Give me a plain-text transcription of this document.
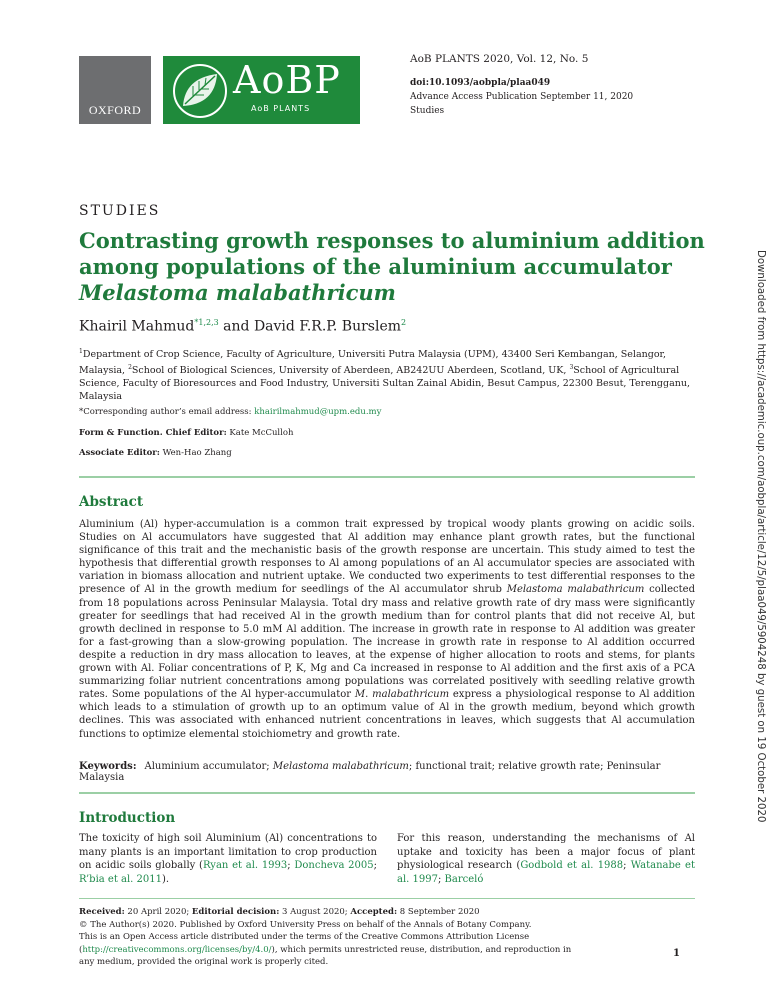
OXFORD
AoBP
AoB PLANTS
AoB PLANTS 2020, Vol. 12, No. 5
doi:10.1093/aobpla/plaa049
Advance Access Publication September 11, 2020
Studies
Downloaded from https://academic.oup.com/aobpla/article/12/5/plaa049/5904248 by guest on 19 October 2020
STUDIES
Contrasting growth responses to aluminium addition
among populations of the aluminium accumulator
Melastoma malabathricum
Khairil Mahmud$^{*1,2,3}$ and David F.R.P. Burslem$^2$
$^1$Department of Crop Science, Faculty of Agriculture, Universiti Putra Malaysia (UPM), 43400 Seri Kembangan, Selangor, Malaysia, $^2$School of Biological Sciences, University of Aberdeen, AB242UU Aberdeen, Scotland, UK, $^3$School of Agricultural Science, Faculty of Bioresources and Food Industry, Universiti Sultan Zainal Abidin, Besut Campus, 22300 Besut, Terengganu, Malaysia
*Corresponding author’s email address: khairilmahmud@upm.edu.my
Form & Function. Chief Editor: Kate McCulloh
Associate Editor: Wen-Hao Zhang
Abstract

Aluminium (Al) hyper-accumulation is a common trait expressed by tropical woody plants growing on acidic soils. Studies on Al accumulators have suggested that Al addition may enhance plant growth rates, but the functional significance of this trait and the mechanistic basis of the growth response are uncertain. This study aimed to test the hypothesis that differential growth responses to Al among populations of an Al accumulator species are associated with variation in biomass allocation and nutrient uptake. We conducted two experiments to test differential responses to the presence of Al in the growth medium for seedlings of the Al accumulator shrub Melastoma malabathricum collected from 18 populations across Peninsular Malaysia. Total dry mass and relative growth rate of dry mass were significantly greater for seedlings that had received Al in the growth medium than for control plants that did not receive Al, but growth declined in response to 5.0 mM Al addition. The increase in growth rate in response to Al addition was greater for a fast-growing than a slow-growing population. The increase in growth rate in response to Al addition occurred despite a reduction in dry mass allocation to leaves, at the expense of higher allocation to roots and stems, for plants grown with Al. Foliar concentrations of P, K, Mg and Ca increased in response to Al addition and the first axis of a PCA summarizing foliar nutrient concentrations among populations was correlated positively with seedling relative growth rates. Some populations of the Al hyper-accumulator M. malabathricum express a physiological response to Al addition which leads to a stimulation of growth up to an optimum value of Al in the growth medium, beyond which growth declines. This was associated with enhanced nutrient concentrations in leaves, which suggests that Al accumulation functions to optimize elemental stoichiometry and growth rate.

Keywords: Aluminium accumulator; Melastoma malabathricum; functional trait; relative growth rate; Peninsular Malaysia
Introduction

The toxicity of high soil Aluminium (Al) concentrations to many plants is an important limitation to crop production on acidic soils globally (Ryan et al. 1993; Doncheva 2005; R’bia et al. 2011).

For this reason, understanding the mechanisms of Al uptake and toxicity has been a major focus of plant physiological research (Godbold et al. 1988; Watanabe et al. 1997; Barceló

Received: 20 April 2020; Editorial decision: 3 August 2020; Accepted: 8 September 2020
© The Author(s) 2020. Published by Oxford University Press on behalf of the Annals of Botany Company.
This is an Open Access article distributed under the terms of the Creative Commons Attribution License
(http://creativecommons.org/licenses/by/4.0/), which permits unrestricted reuse, distribution, and reproduction in
any medium, provided the original work is properly cited.
1
